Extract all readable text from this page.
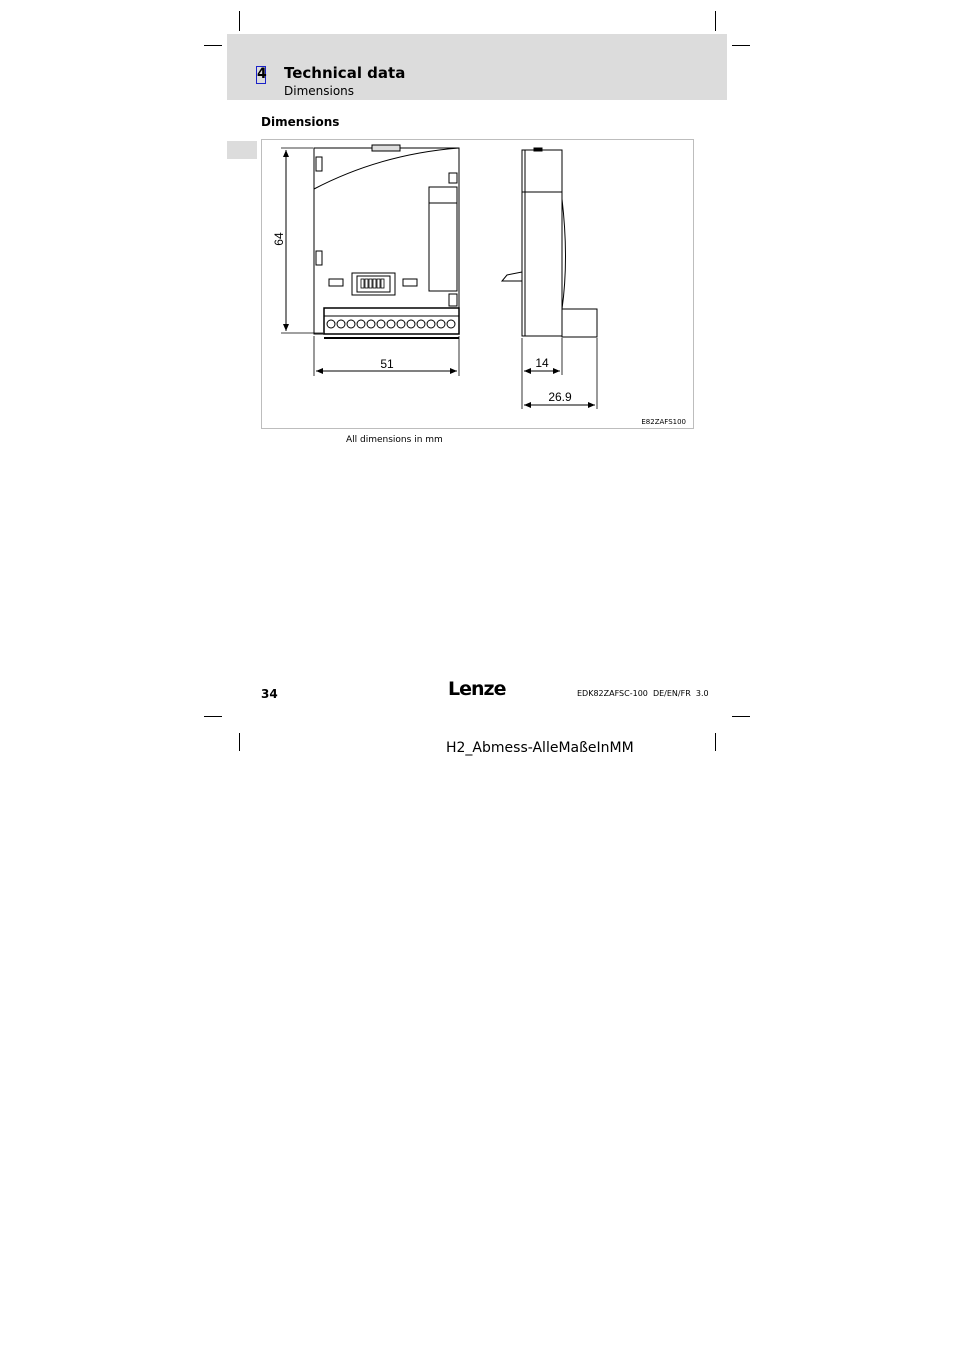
4 Technical data
Dimensions
Dimensions
64
51	14
26.9
E82ZAFS100
All dimensions in mm
34	Lenze	EDK82ZAFSC-100  DE/EN/FR  3.0
H2_Abmess-AlleMaßeInMM
